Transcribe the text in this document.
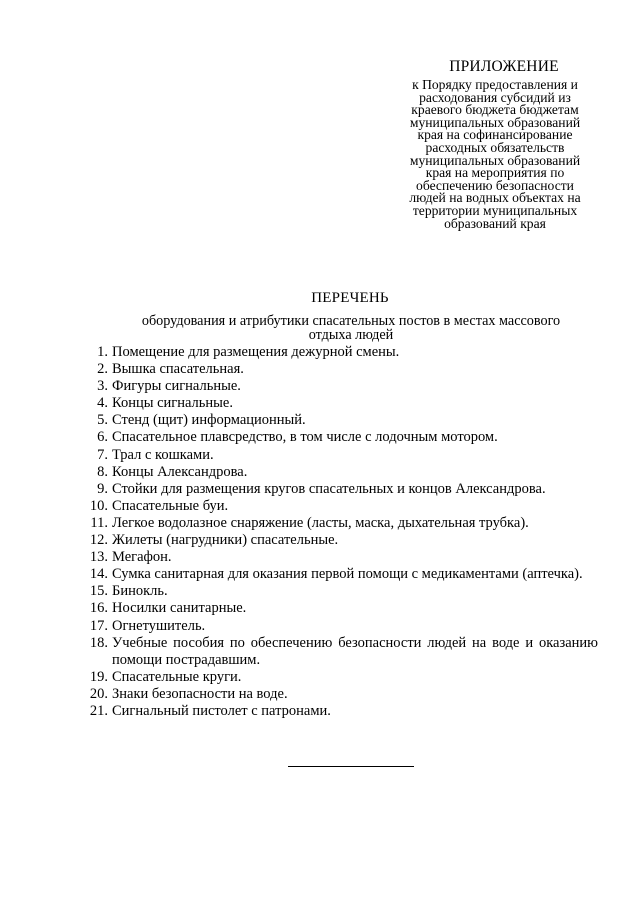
ПРИЛОЖЕНИЕ
к Порядку предоставления и
расходования субсидий из
краевого бюджета бюджетам
муниципальных образований
края на софинансирование
расходных обязательств
муниципальных образований
края на мероприятия по
обеспечению безопасности
людей на водных объектах на
территории муниципальных
образований края
ПЕРЕЧЕНЬ
оборудования и атрибутики спасательных постов в местах массового
отдыха людей
1. Помещение для размещения дежурной смены.
2. Вышка спасательная.
3. Фигуры сигнальные.
4. Концы сигнальные.
5. Стенд (щит) информационный.
6. Спасательное плавсредство, в том числе с лодочным мотором.
7. Трал с кошками.
8. Концы Александрова.
9. Стойки для размещения кругов спасательных и концов Александрова.
10. Спасательные буи.
11. Легкое водолазное снаряжение (ласты, маска, дыхательная трубка).
12. Жилеты (нагрудники) спасательные.
13. Мегафон.
14. Сумка санитарная для оказания первой помощи с медикаментами (аптечка).
15. Бинокль.
16. Носилки санитарные.
17. Огнетушитель.
18. Учебные пособия по обеспечению безопасности людей на воде и оказанию помощи пострадавшим.
19. Спасательные круги.
20. Знаки безопасности на воде.
21. Сигнальный пистолет с патронами.
